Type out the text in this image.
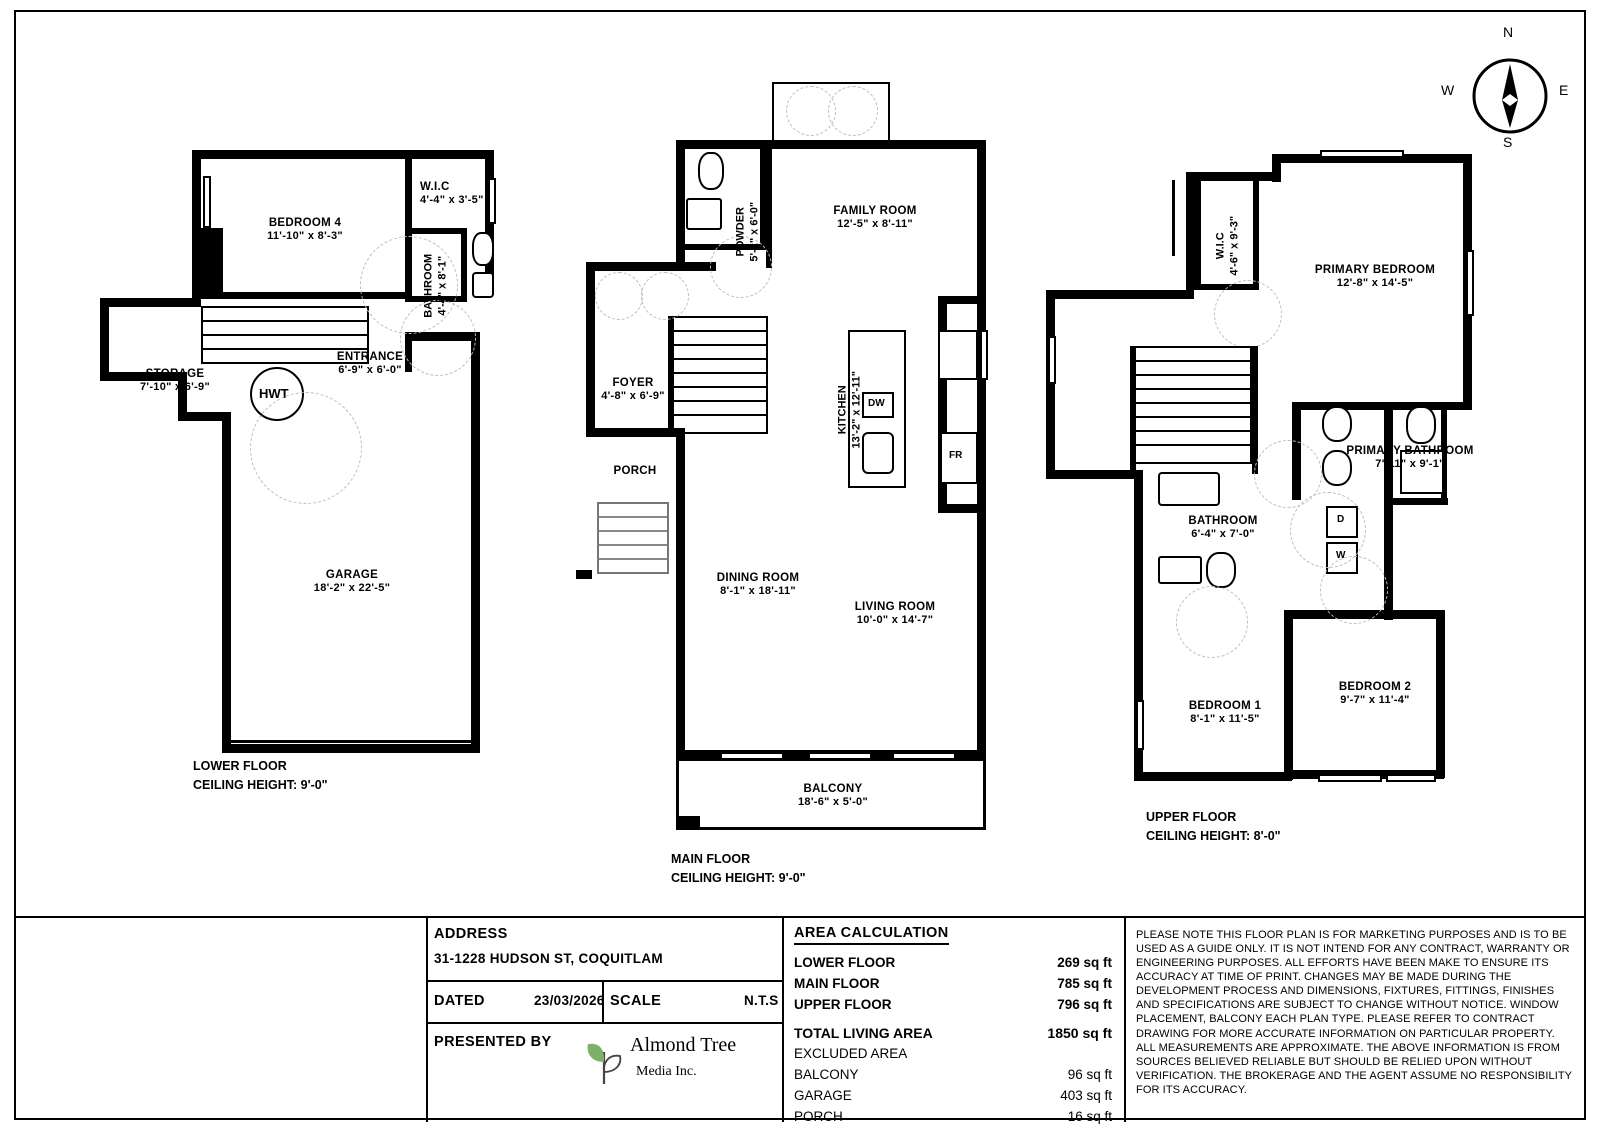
N
S
W	E
HWT
BEDROOM 4
11'-10" x 8'-3"
W.I.C
4'-4" x 3'-5"
BATHROOM 4'-4" x 8'-1"
ENTRANCE
6'-9" x 6'-0"
STORAGE
7'-10" x 6'-9"
GARAGE
18'-2" x 22'-5"
LOWER FLOOR
CEILING HEIGHT: 9'-0"
DW
FR
POWDER 5'-2" x 6'-0"	FAMILY ROOM
12'-5" x 8'-11"
FOYER
4'-8" x 6'-9"
PORCH
KITCHEN 13'-2" x 12'-11"
DINING ROOM
8'-1" x 18'-11"
LIVING ROOM
10'-0" x 14'-7"
BALCONY
18'-6" x 5'-0"
MAIN FLOOR
CEILING HEIGHT: 9'-0"
D
W
W.I.C 4'-6" x 9'-3"	PRIMARY BEDROOM
12'-8" x 14'-5"
PRIMARY BATHROOM
7'-11" x 9'-1"
BATHROOM
6'-4" x 7'-0"
BEDROOM 1
8'-1" x 11'-5"
BEDROOM 2
9'-7" x 11'-4"
UPPER FLOOR
CEILING HEIGHT: 8'-0"
ADDRESS
31-1228 HUDSON ST, COQUITLAM
DATED	23/03/2026 SCALE	N.T.S
PRESENTED BY	Almond Tree
Media Inc.
AREA CALCULATION
LOWER FLOOR	269 sq ft
MAIN FLOOR	785 sq ft
UPPER FLOOR	796 sq ft
TOTAL LIVING AREA	1850 sq ft
EXCLUDED AREA
BALCONY	96 sq ft
GARAGE	403 sq ft
PORCH	16 sq ft
PLEASE NOTE THIS FLOOR PLAN IS FOR MARKETING PURPOSES AND IS TO BE USED AS A GUIDE ONLY. IT IS NOT INTEND FOR ANY CONTRACT, WARRANTY OR ENGINEERING PURPOSES. ALL EFFORTS HAVE BEEN MAKE TO ENSURE ITS ACCURACY AT TIME OF PRINT. CHANGES MAY BE MADE DURING THE DEVELOPMENT PROCESS AND DIMENSIONS, FIXTURES, FITTINGS, FINISHES AND SPECIFICATIONS ARE SUBJECT TO CHANGE WITHOUT NOTICE. WINDOW PLACEMENT, BALCONY EACH PLAN TYPE. PLEASE REFER TO CONTRACT DRAWING FOR MORE ACCURATE INFORMATION ON PARTICULAR PROPERTY. ALL MEASUREMENTS ARE APPROXIMATE. THE ABOVE INFORMATION IS FROM SOURCES BELIEVED RELIABLE BUT SHOULD BE RELIED UPON WITHOUT VERIFICATION. THE BROKERAGE AND THE AGENT ASSUME NO RESPONSIBILITY FOR ITS ACCURACY.
